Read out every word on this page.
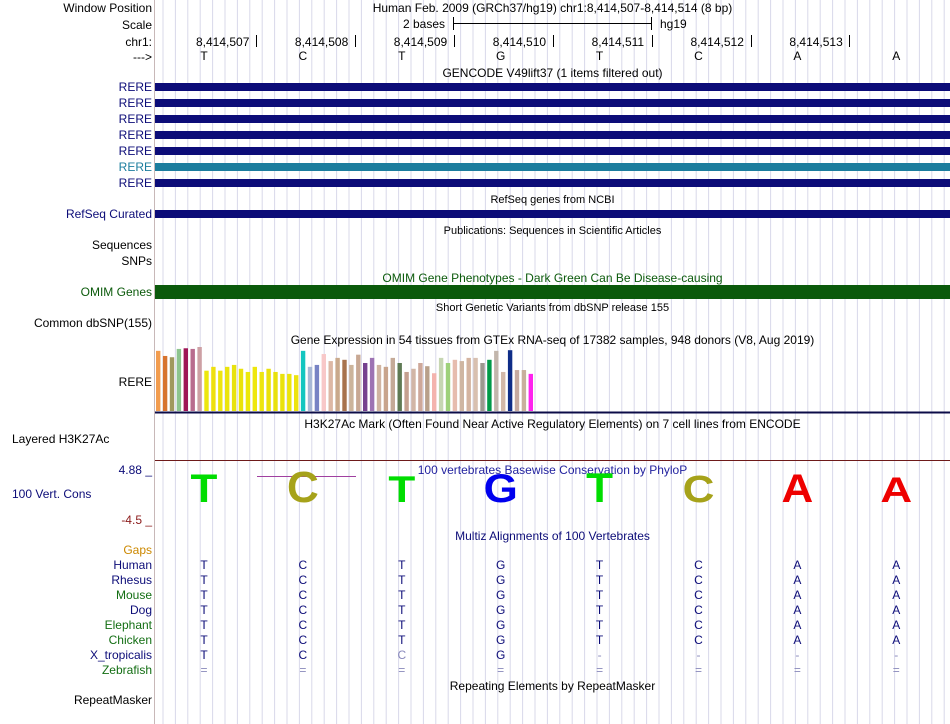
Window Position	Human Feb. 2009 (GRCh37/hg19) chr1:8,414,507-8,414,514 (8 bp)
Scale	2 bases	hg19
chr1:	8,414,507	8,414,508	8,414,509	8,414,510	8,414,511	8,414,512	8,414,513
--->	T	C	T	G	T	C	A	A
GENCODE V49lift37 (1 items filtered out)
RERE
RERE
RERE
RERE
RERE
RERE
RERE
RefSeq genes from NCBI
RefSeq Curated
Publications: Sequences in Scientific Articles
Sequences
SNPs
OMIM Gene Phenotypes - Dark Green Can Be Disease-causing
OMIM Genes
Short Genetic Variants from dbSNP release 155
Common dbSNP(155)
Gene Expression in 54 tissues from GTEx RNA-seq of 17382 samples, 948 donors (V8, Aug 2019)
RERE
H3K27Ac Mark (Often Found Near Active Regulatory Elements) on 7 cell lines from ENCODE
Layered H3K27Ac
4.88 _	100 vertebrates Basewise Conservation by PhyloP
100 Vert. Cons
-4.5 _
T C T G T C A A
Multiz Alignments of 100 Vertebrates
Gaps
Human	T	C	T	G	T	C	A	A
Rhesus	T	C	T	G	T	C	A	A
Mouse	T	C	T	G	T	C	A	A
Dog	T	C	T	G	T	C	A	A
Elephant	T	C	T	G	T	C	A	A
Chicken	T	C	T	G	T	C	A	A
X_tropicalis	T	C	C	G	-	-	-	-
Zebrafish	=	=	=	=	=	=	=	=
Repeating Elements by RepeatMasker
RepeatMasker
